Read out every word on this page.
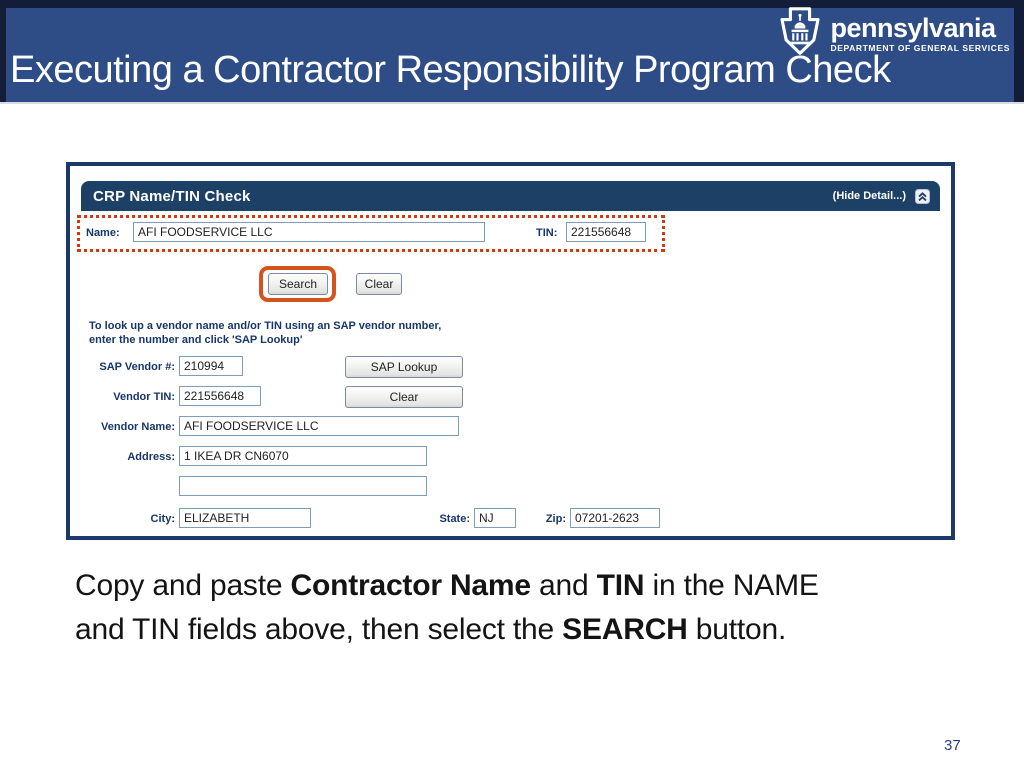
Executing a Contractor Responsibility Program Check
pennsylvania
DEPARTMENT OF GENERAL SERVICES
CRP Name/TIN Check	(Hide Detail...)
Name:
AFI FOODSERVICE LLC	TIN:
221556648
Search	Clear
To look up a vendor name and/or TIN using an SAP vendor number,
enter the number and click 'SAP Lookup'
SAP Vendor #:
210994	SAP Lookup
Vendor TIN:
221556648	Clear
Vendor Name:
AFI FOODSERVICE LLC
Address:
1 IKEA DR CN6070
City:
ELIZABETH	State:
NJ	Zip:
07201-2623
Copy and paste Contractor Name and TIN in the NAME
and TIN fields above, then select the SEARCH button.
37
